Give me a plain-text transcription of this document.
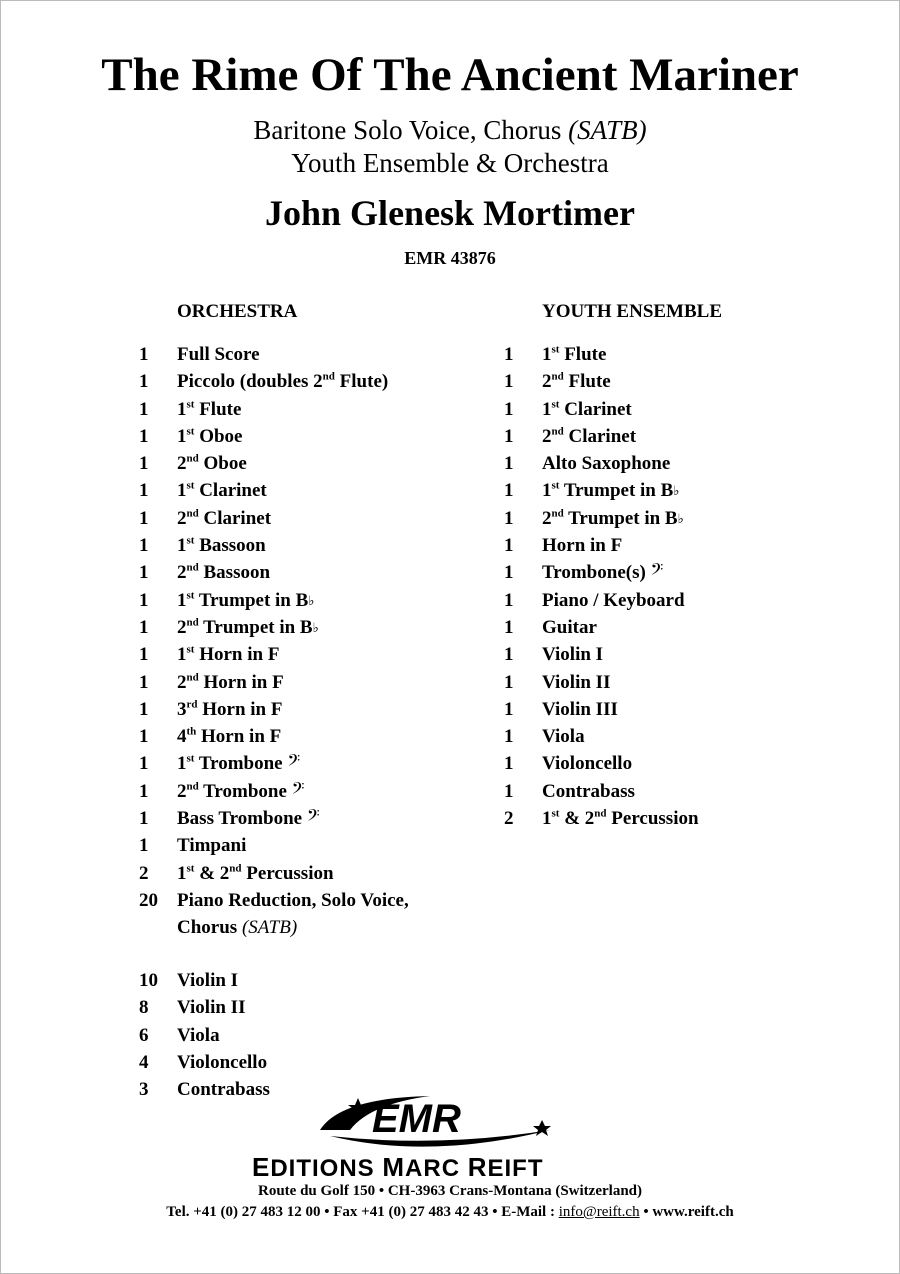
The Rime Of The Ancient Mariner
Baritone Solo Voice, Chorus (SATB)
Youth Ensemble & Orchestra
John Glenesk Mortimer
EMR 43876
ORCHESTRA	YOUTH ENSEMBLE
1 Full Score
1 Piccolo (doubles 2nd Flute)
1 1st Flute
1 1st Oboe
1 2nd Oboe
1 1st Clarinet
1 2nd Clarinet
1 1st Bassoon
1 2nd Bassoon
1 1st Trumpet in B♭
1 2nd Trumpet in B♭
1 1st Horn in F
1 2nd Horn in F
1 3rd Horn in F
1 4th Horn in F
1 1st Trombone 𝄢
1 2nd Trombone 𝄢
1 Bass Trombone 𝄢
1 Timpani
2 1st & 2nd Percussion
20 Piano Reduction, Solo Voice, Chorus (SATB)
10 Violin I
8 Violin II
6 Viola
4 Violoncello
3 Contrabass
1 1st Flute
1 2nd Flute
1 1st Clarinet
1 2nd Clarinet
1 Alto Saxophone
1 1st Trumpet in B♭
1 2nd Trumpet in B♭
1 Horn in F
1 Trombone(s) 𝄢
1 Piano / Keyboard
1 Guitar
1 Violin I
1 Violin II
1 Violin III
1 Viola
1 Violoncello
1 Contrabass
2 1st & 2nd Percussion
EMR
EDITIONS MARC REIFT
Route du Golf 150 • CH-3963 Crans-Montana (Switzerland)
Tel. +41 (0) 27 483 12 00 • Fax +41 (0) 27 483 42 43 • E-Mail : info@reift.ch • www.reift.ch
